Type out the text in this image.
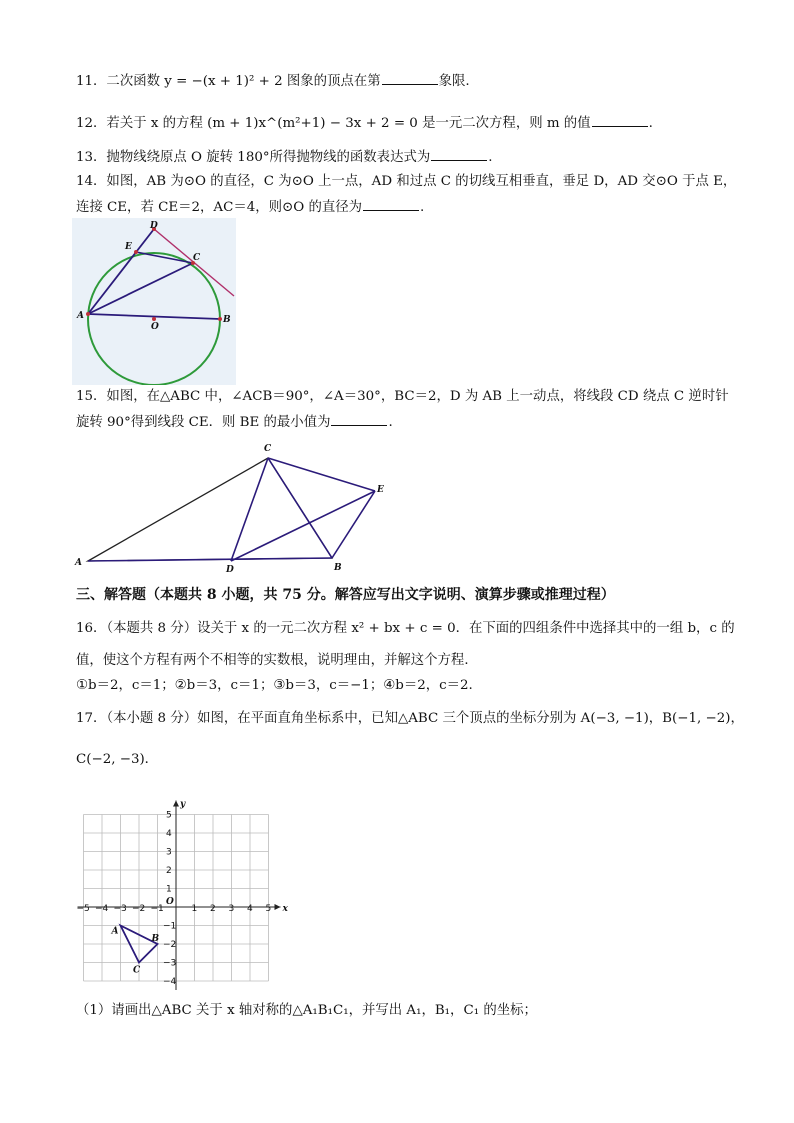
11．二次函数 y = −(x + 1)² + 2 图象的顶点在第	象限.
12．若关于 x 的方程 (m + 1)x^(m²+1) − 3x + 2 = 0 是一元二次方程，则 m 的值	.
13．抛物线绕原点 O 旋转 180°所得抛物线的函数表达式为	.
14．如图，AB 为⊙O 的直径，C 为⊙O 上一点，AD 和过点 C 的切线互相垂直，垂足 D，AD 交⊙O 于点 E，
连接 CE，若 CE＝2，AC＝4，则⊙O 的直径为	.
A	B
C
D
E
O
15．如图，在△ABC 中，∠ACB＝90°，∠A＝30°，BC＝2，D 为 AB 上一动点，将线段 CD 绕点 C 逆时针
旋转 90°得到线段 CE．则 BE 的最小值为	.
A	B
C
D
E
三、解答题（本题共 8 小题，共 75 分。解答应写出文字说明、演算步骤或推理过程）
16．（本题共 8 分）设关于 x 的一元二次方程 x² + bx + c = 0．在下面的四组条件中选择其中的一组 b，c 的
值，使这个方程有两个不相等的实数根，说明理由，并解这个方程．
①b＝2，c＝1；②b＝3，c＝1；③b＝3，c＝−1；④b＝2，c＝2.
17．（本小题 8 分）如图，在平面直角坐标系中，已知△ABC 三个顶点的坐标分别为 A(−3, −1)，B(−1, −2)，
C(−2, −3)．
−5 −4 −3 −2 −1	1 2 3 4 5
5
4
3
2
1
−1
−2
−3
−4
O
x
y
A
B
C
（1）请画出△ABC 关于 x 轴对称的△A₁B₁C₁，并写出 A₁，B₁，C₁ 的坐标；
